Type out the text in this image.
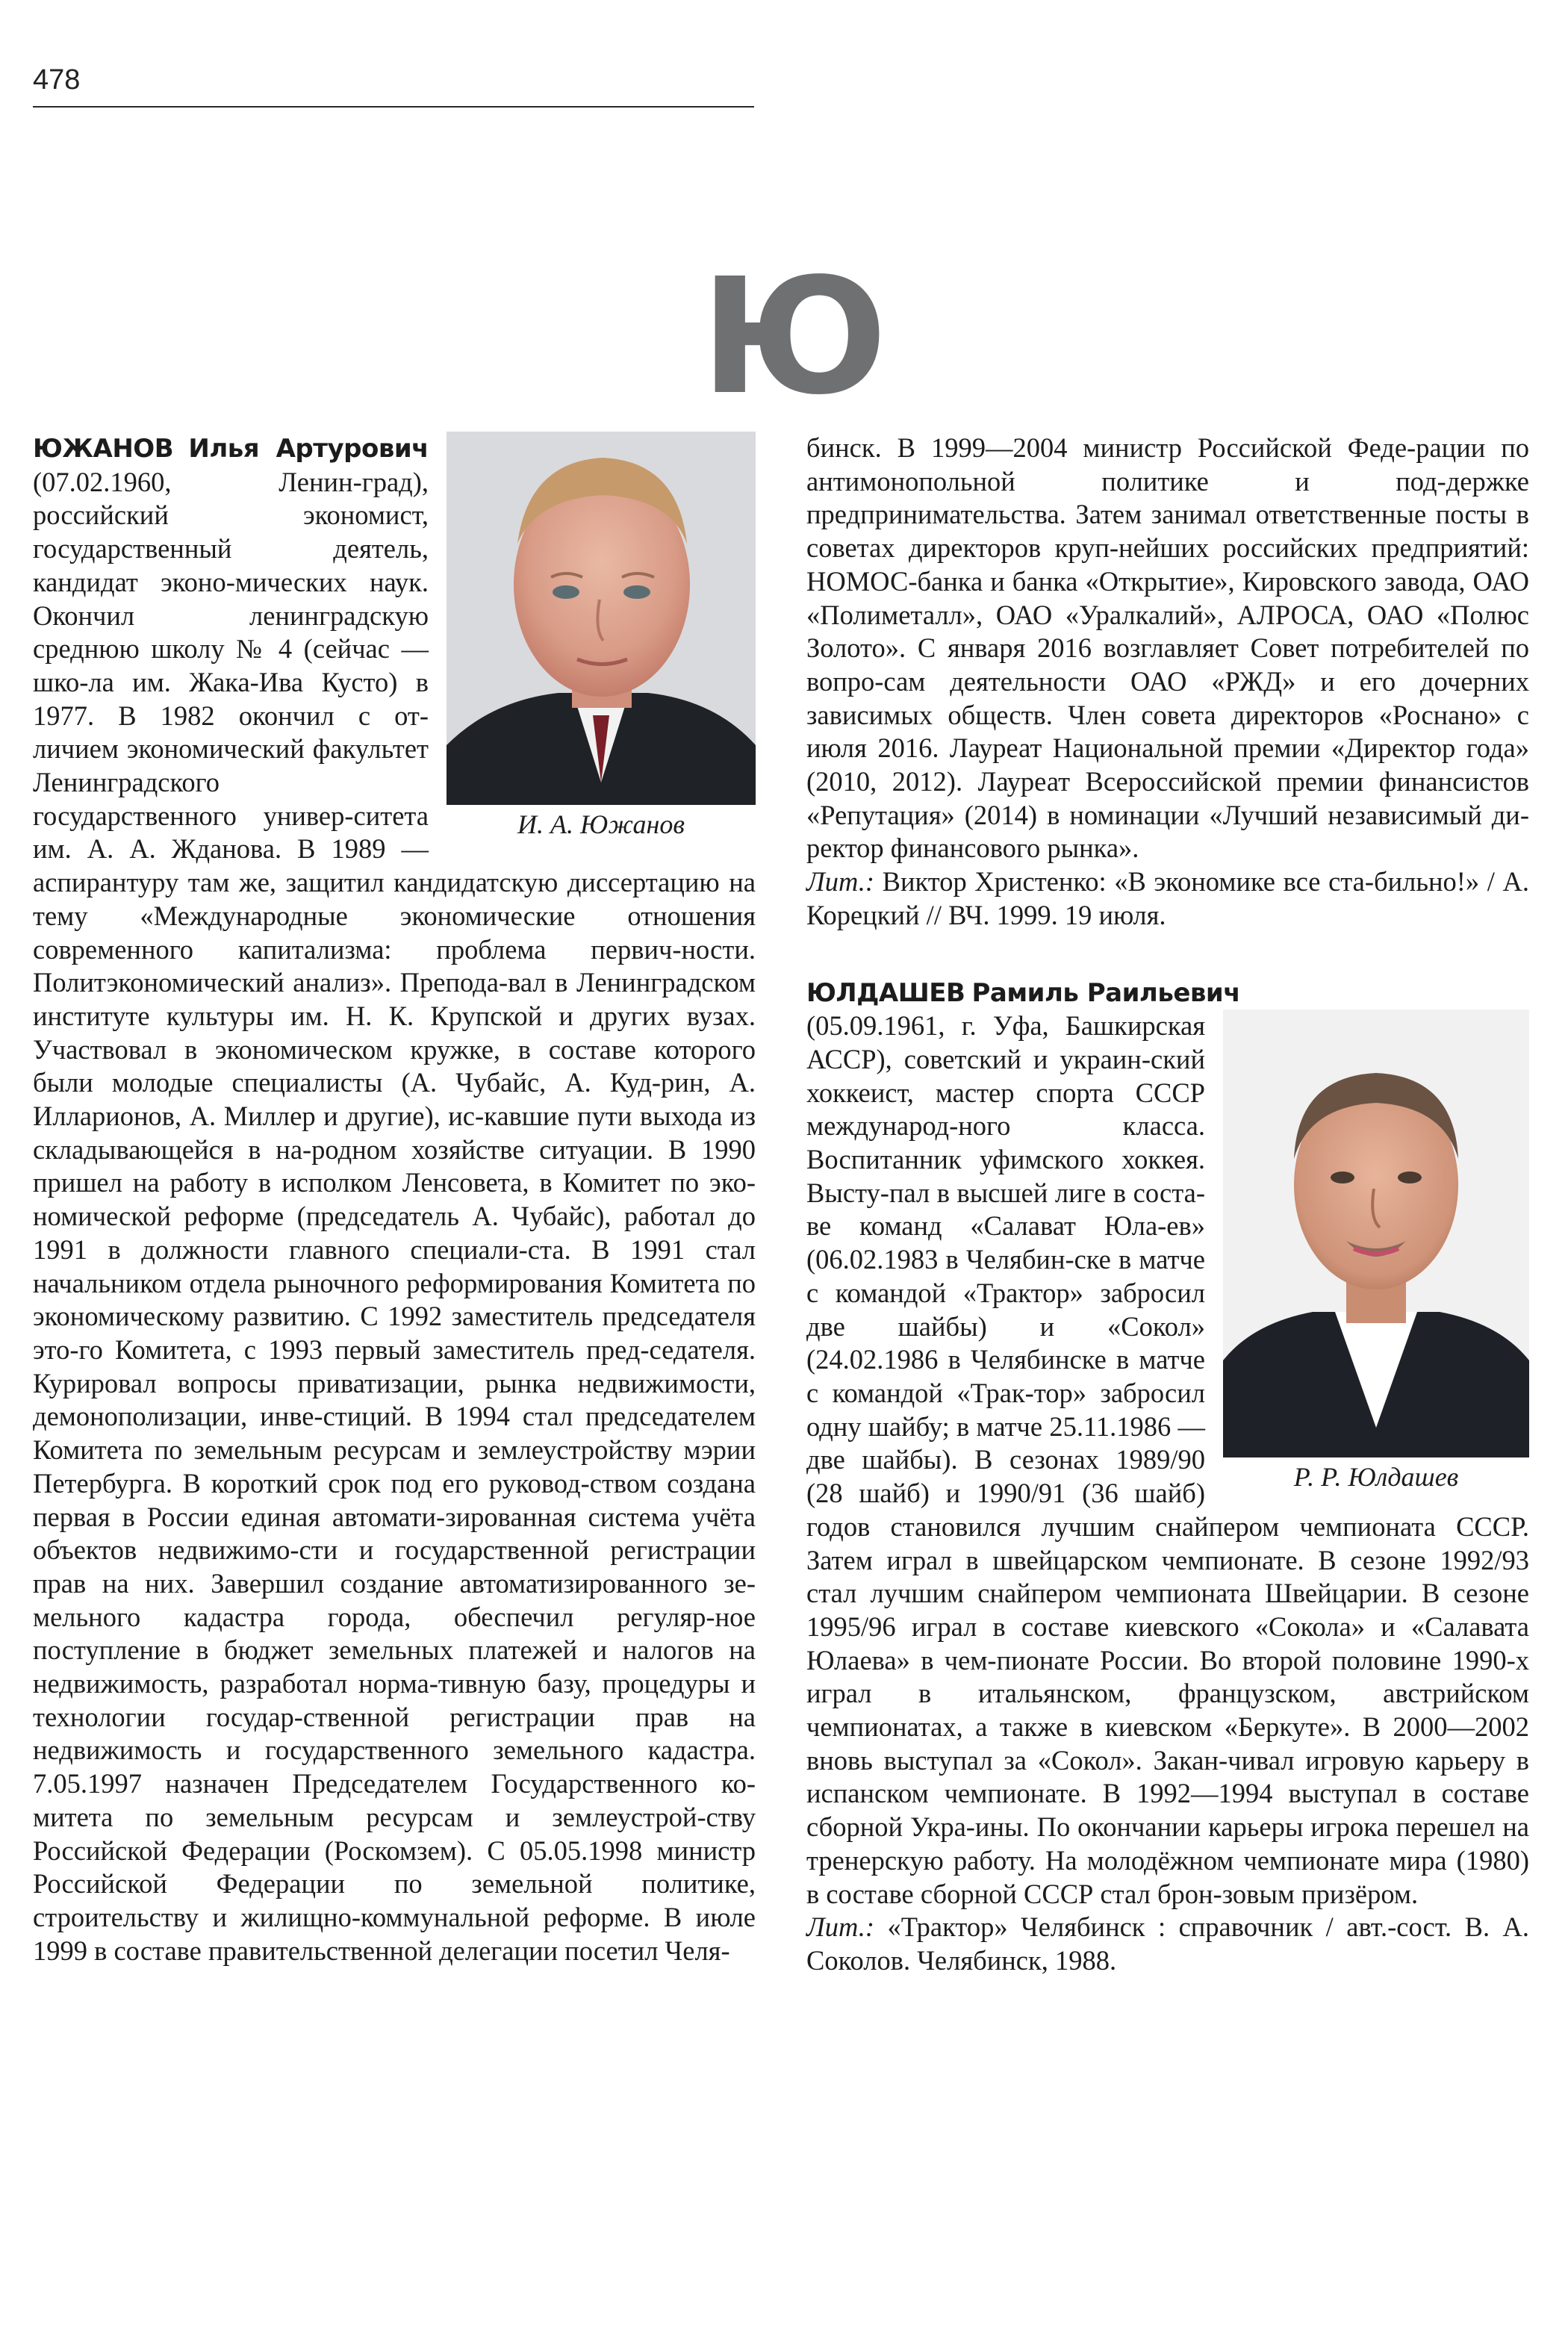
478
Ю
И. А. Южанов

ЮЖАНОВ Илья Артурович (07.02.1960, Ленин-град), российский экономист, государственный деятель, кандидат эконо-мических наук. Окончил ленинградскую среднюю школу № 4 (сейчас — шко-ла им. Жака-Ива Кусто) в 1977. В 1982 окончил с от-личием экономический факультет Ленинградского государственного универ-ситета им. А. А. Жданова. В 1989 — аспирантуру там же, защитил кандидатскую диссертацию на тему «Международные экономические отношения современного капитализма: проблема первич-ности. Политэкономический анализ». Препода-вал в Ленинградском институте культуры им. Н. К. Крупской и других вузах. Участвовал в экономическом кружке, в составе которого были молодые специалисты (А. Чубайс, А. Куд-рин, А. Илларионов, А. Миллер и другие), ис-кавшие пути выхода из складывающейся в на-родном хозяйстве ситуации. В 1990 пришел на работу в исполком Ленсовета, в Комитет по эко-номической реформе (председатель А. Чубайс), работал до 1991 в должности главного специали-ста. В 1991 стал начальником отдела рыночного реформирования Комитета по экономическому развитию. С 1992 заместитель председателя это-го Комитета, с 1993 первый заместитель пред-седателя. Курировал вопросы приватизации, рынка недвижимости, демонополизации, инве-стиций. В 1994 стал председателем Комитета по земельным ресурсам и землеустройству мэрии Петербурга. В короткий срок под его руковод-ством создана первая в России единая автомати-зированная система учёта объектов недвижимо-сти и государственной регистрации прав на них. Завершил создание автоматизированного зе-мельного кадастра города, обеспечил регуляр-ное поступление в бюджет земельных платежей и налогов на недвижимость, разработал норма-тивную базу, процедуры и технологии государ-ственной регистрации прав на недвижимость и государственного земельного кадастра. 7.05.1997 назначен Председателем Государственного ко-митета по земельным ресурсам и землеустрой-ству Российской Федерации (Роскомзем). С 05.05.1998 министр Российской Федерации по земельной политике, строительству и жилищно-коммунальной реформе. В июле 1999 в составе правительственной делегации посетил Челя-

бинск. В 1999—2004 министр Российской Феде-рации по антимонопольной политике и под-держке предпринимательства. Затем занимал ответственные посты в советах директоров круп-нейших российских предприятий: НОМОС-банка и банка «Открытие», Кировского завода, ОАО «Полиметалл», ОАО «Уралкалий», АЛРОСА, ОАО «Полюс Золото». С января 2016 возглавляет Совет потребителей по вопро-сам деятельности ОАО «РЖД» и его дочерних зависимых обществ. Член совета директоров «Роснано» с июля 2016. Лауреат Национальной премии «Директор года» (2010, 2012). Лауреат Всероссийской премии финансистов «Репутация» (2014) в номинации «Лучший независимый ди-ректор финансового рынка».

Лит.: Виктор Христенко: «В экономике все ста-бильно!» / А. Корецкий // ВЧ. 1999. 19 июля.

ЮЛДАШЕВ Рамиль Раильевич

Р. Р. Юлдашев

(05.09.1961, г. Уфа, Башкирская АССР), советский и украин-ский хоккеист, мастер спорта СССР международ-ного класса. Воспитанник уфимского хоккея. Высту-пал в высшей лиге в соста-ве команд «Салават Юла-ев» (06.02.1983 в Челябин-ске в матче с командой «Трактор» забросил две шайбы) и «Сокол» (24.02.1986 в Челябинске в матче с командой «Трак-тор» забросил одну шайбу; в матче 25.11.1986 — две шайбы). В сезонах 1989/90 (28 шайб) и 1990/91 (36 шайб) годов становился лучшим снайпером чемпионата СССР. Затем играл в швейцарском чемпионате. В сезоне 1992/93 стал лучшим снайпером чемпионата Швейцарии. В сезоне 1995/96 играл в составе киевского «Сокола» и «Салавата Юлаева» в чем-пионате России. Во второй половине 1990-х играл в итальянском, французском, австрийском чемпионатах, а также в киевском «Беркуте». В 2000—2002 вновь выступал за «Сокол». Закан-чивал игровую карьеру в испанском чемпионате. В 1992—1994 выступал в составе сборной Укра-ины. По окончании карьеры игрока перешел на тренерскую работу. На молодёжном чемпионате мира (1980) в составе сборной СССР стал брон-зовым призёром.

Лит.: «Трактор» Челябинск : справочник / авт.-сост. В. А. Соколов. Челябинск, 1988.
